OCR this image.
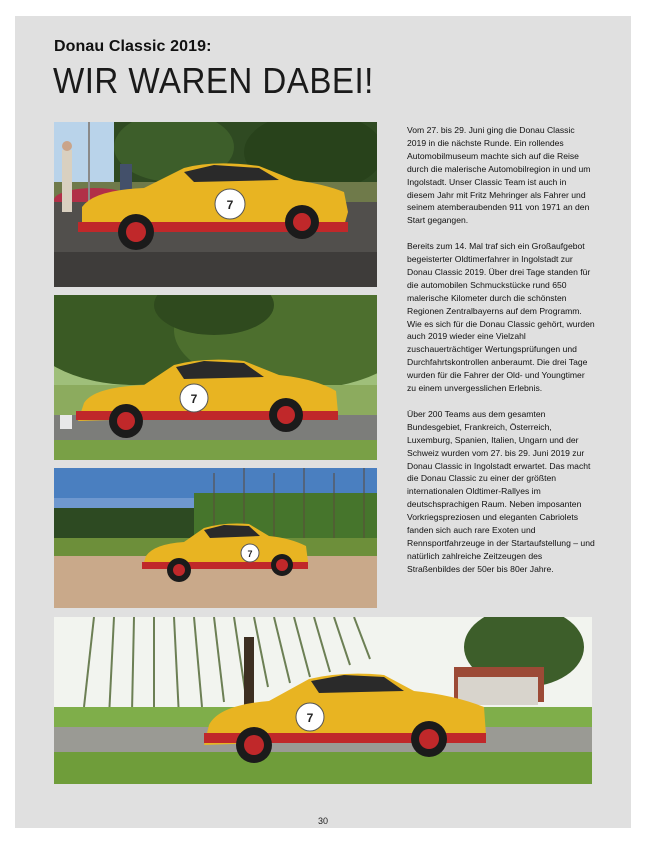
Donau Classic 2019:
WIR WAREN DABEI!
7
7
7
7

Vom 27. bis 29. Juni ging die Donau Classic 2019 in die nächste Runde. Ein rollendes Automobilmuseum machte sich auf die Reise durch die malerische Automobilregion in und um Ingolstadt. Unser Classic Team ist auch in diesem Jahr mit Fritz Mehringer als Fahrer und seinem atemberaubenden 911 von 1971 an den Start gegangen.

Bereits zum 14. Mal traf sich ein Großaufgebot begeisterter Oldtimerfahrer in Ingolstadt zur Donau Classic 2019. Über drei Tage standen für die automobilen Schmuckstücke rund 650 malerische Kilometer durch die schönsten Regionen Zentralbayerns auf dem Programm. Wie es sich für die Donau Classic gehört, wurden auch 2019 wieder eine Vielzahl zuschauerträchtiger Wertungsprüfungen und Durchfahrtskontrollen anberaumt. Die drei Tage wurden für die Fahrer der Old- und Youngtimer zu einem unvergesslichen Erlebnis.

Über 200 Teams aus dem gesamten Bundesgebiet, Frankreich, Österreich, Luxemburg, Spanien, Italien, Ungarn und der Schweiz wurden vom 27. bis 29. Juni 2019 zur Donau Classic in Ingolstadt erwartet. Das macht die Donau Classic zu einer der größten internationalen Oldtimer-Rallyes im deutschsprachigen Raum. Neben imposanten Vorkriegspreziosen und eleganten Cabriolets fanden sich auch rare Exoten und Rennsportfahrzeuge in der Startaufstellung – und natürlich zahlreiche Zeitzeugen des Straßenbildes der 50er bis 80er Jahre.

30
